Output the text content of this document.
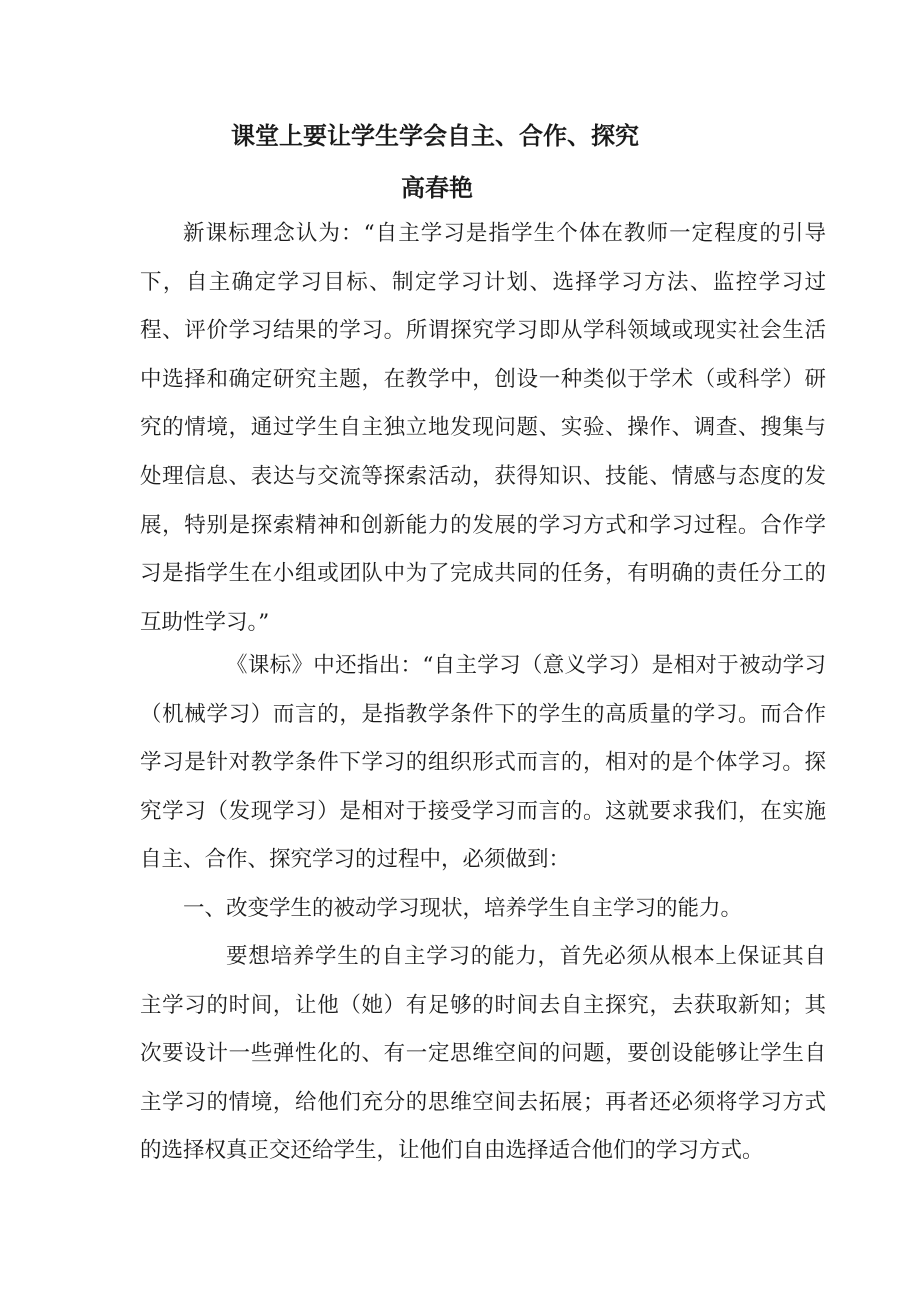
课堂上要让学生学会自主、合作、探究
高春艳

新课标理念认为：“自主学习是指学生个体在教师一定程度的引导下，自主确定学习目标、制定学习计划、选择学习方法、监控学习过程、评价学习结果的学习。所谓探究学习即从学科领域或现实社会生活中选择和确定研究主题，在教学中，创设一种类似于学术（或科学）研究的情境，通过学生自主独立地发现问题、实验、操作、调查、搜集与处理信息、表达与交流等探索活动，获得知识、技能、情感与态度的发展，特别是探索精神和创新能力的发展的学习方式和学习过程。合作学习是指学生在小组或团队中为了完成共同的任务，有明确的责任分工的互助性学习。”

《课标》中还指出：“自主学习（意义学习）是相对于被动学习（机械学习）而言的，是指教学条件下的学生的高质量的学习。而合作学习是针对教学条件下学习的组织形式而言的，相对的是个体学习。探究学习（发现学习）是相对于接受学习而言的。这就要求我们，在实施自主、合作、探究学习的过程中，必须做到：

一、改变学生的被动学习现状，培养学生自主学习的能力。

要想培养学生的自主学习的能力，首先必须从根本上保证其自主学习的时间，让他（她）有足够的时间去自主探究，去获取新知；其次要设计一些弹性化的、有一定思维空间的问题，要创设能够让学生自主学习的情境，给他们充分的思维空间去拓展；再者还必须将学习方式的选择权真正交还给学生，让他们自由选择适合他们的学习方式。
